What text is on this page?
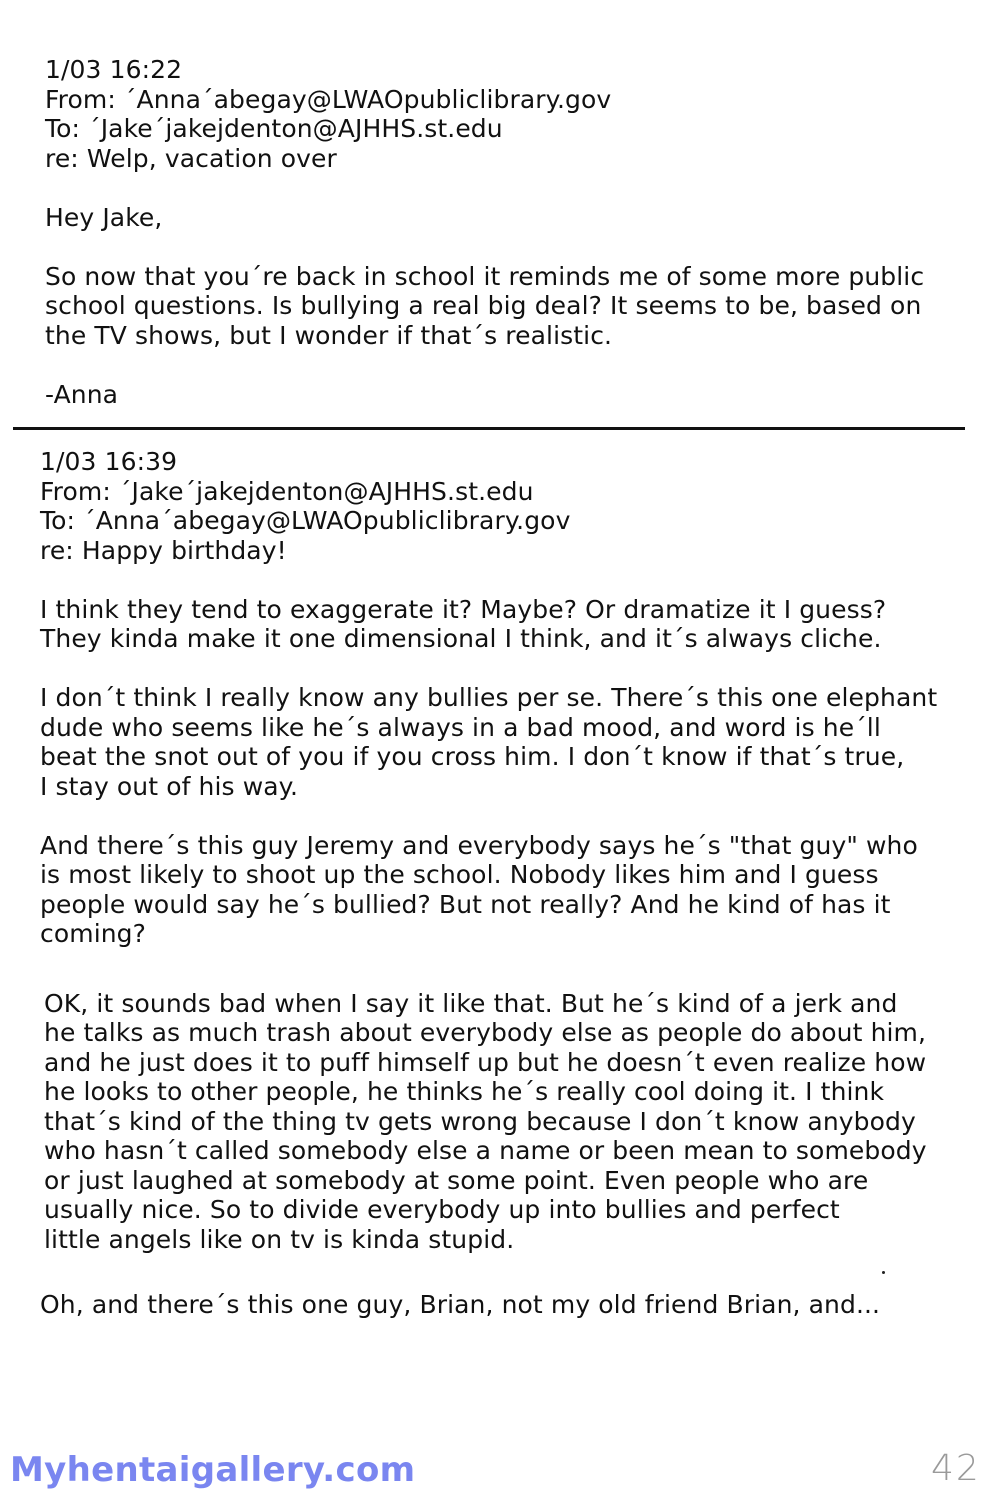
1/03 16:22
From: ´Anna´abegay@LWAOpubliclibrary.gov
To: ´Jake´jakejdenton@AJHHS.st.edu
re: Welp, vacation over
Hey Jake,
So now that you´re back in school it reminds me of some more public
school questions. Is bullying a real big deal? It seems to be, based on
the TV shows, but I wonder if that´s realistic.
-Anna
1/03 16:39
From: ´Jake´jakejdenton@AJHHS.st.edu
To: ´Anna´abegay@LWAOpubliclibrary.gov
re: Happy birthday!
I think they tend to exaggerate it? Maybe? Or dramatize it I guess?
They kinda make it one dimensional I think, and it´s always cliche.
I don´t think I really know any bullies per se. There´s this one elephant
dude who seems like he´s always in a bad mood, and word is he´ll
beat the snot out of you if you cross him. I don´t know if that´s true,
I stay out of his way.
And there´s this guy Jeremy and everybody says he´s "that guy" who
is most likely to shoot up the school. Nobody likes him and I guess
people would say he´s bullied? But not really? And he kind of has it
coming?
OK, it sounds bad when I say it like that. But he´s kind of a jerk and
he talks as much trash about everybody else as people do about him,
and he just does it to puff himself up but he doesn´t even realize how
he looks to other people, he thinks he´s really cool doing it. I think
that´s kind of the thing tv gets wrong because I don´t know anybody
who hasn´t called somebody else a name or been mean to somebody
or just laughed at somebody at some point. Even people who are
usually nice. So to divide everybody up into bullies and perfect
little angels like on tv is kinda stupid.
Oh, and there´s this one guy, Brian, not my old friend Brian, and...
Myhentaigallery.com	42
